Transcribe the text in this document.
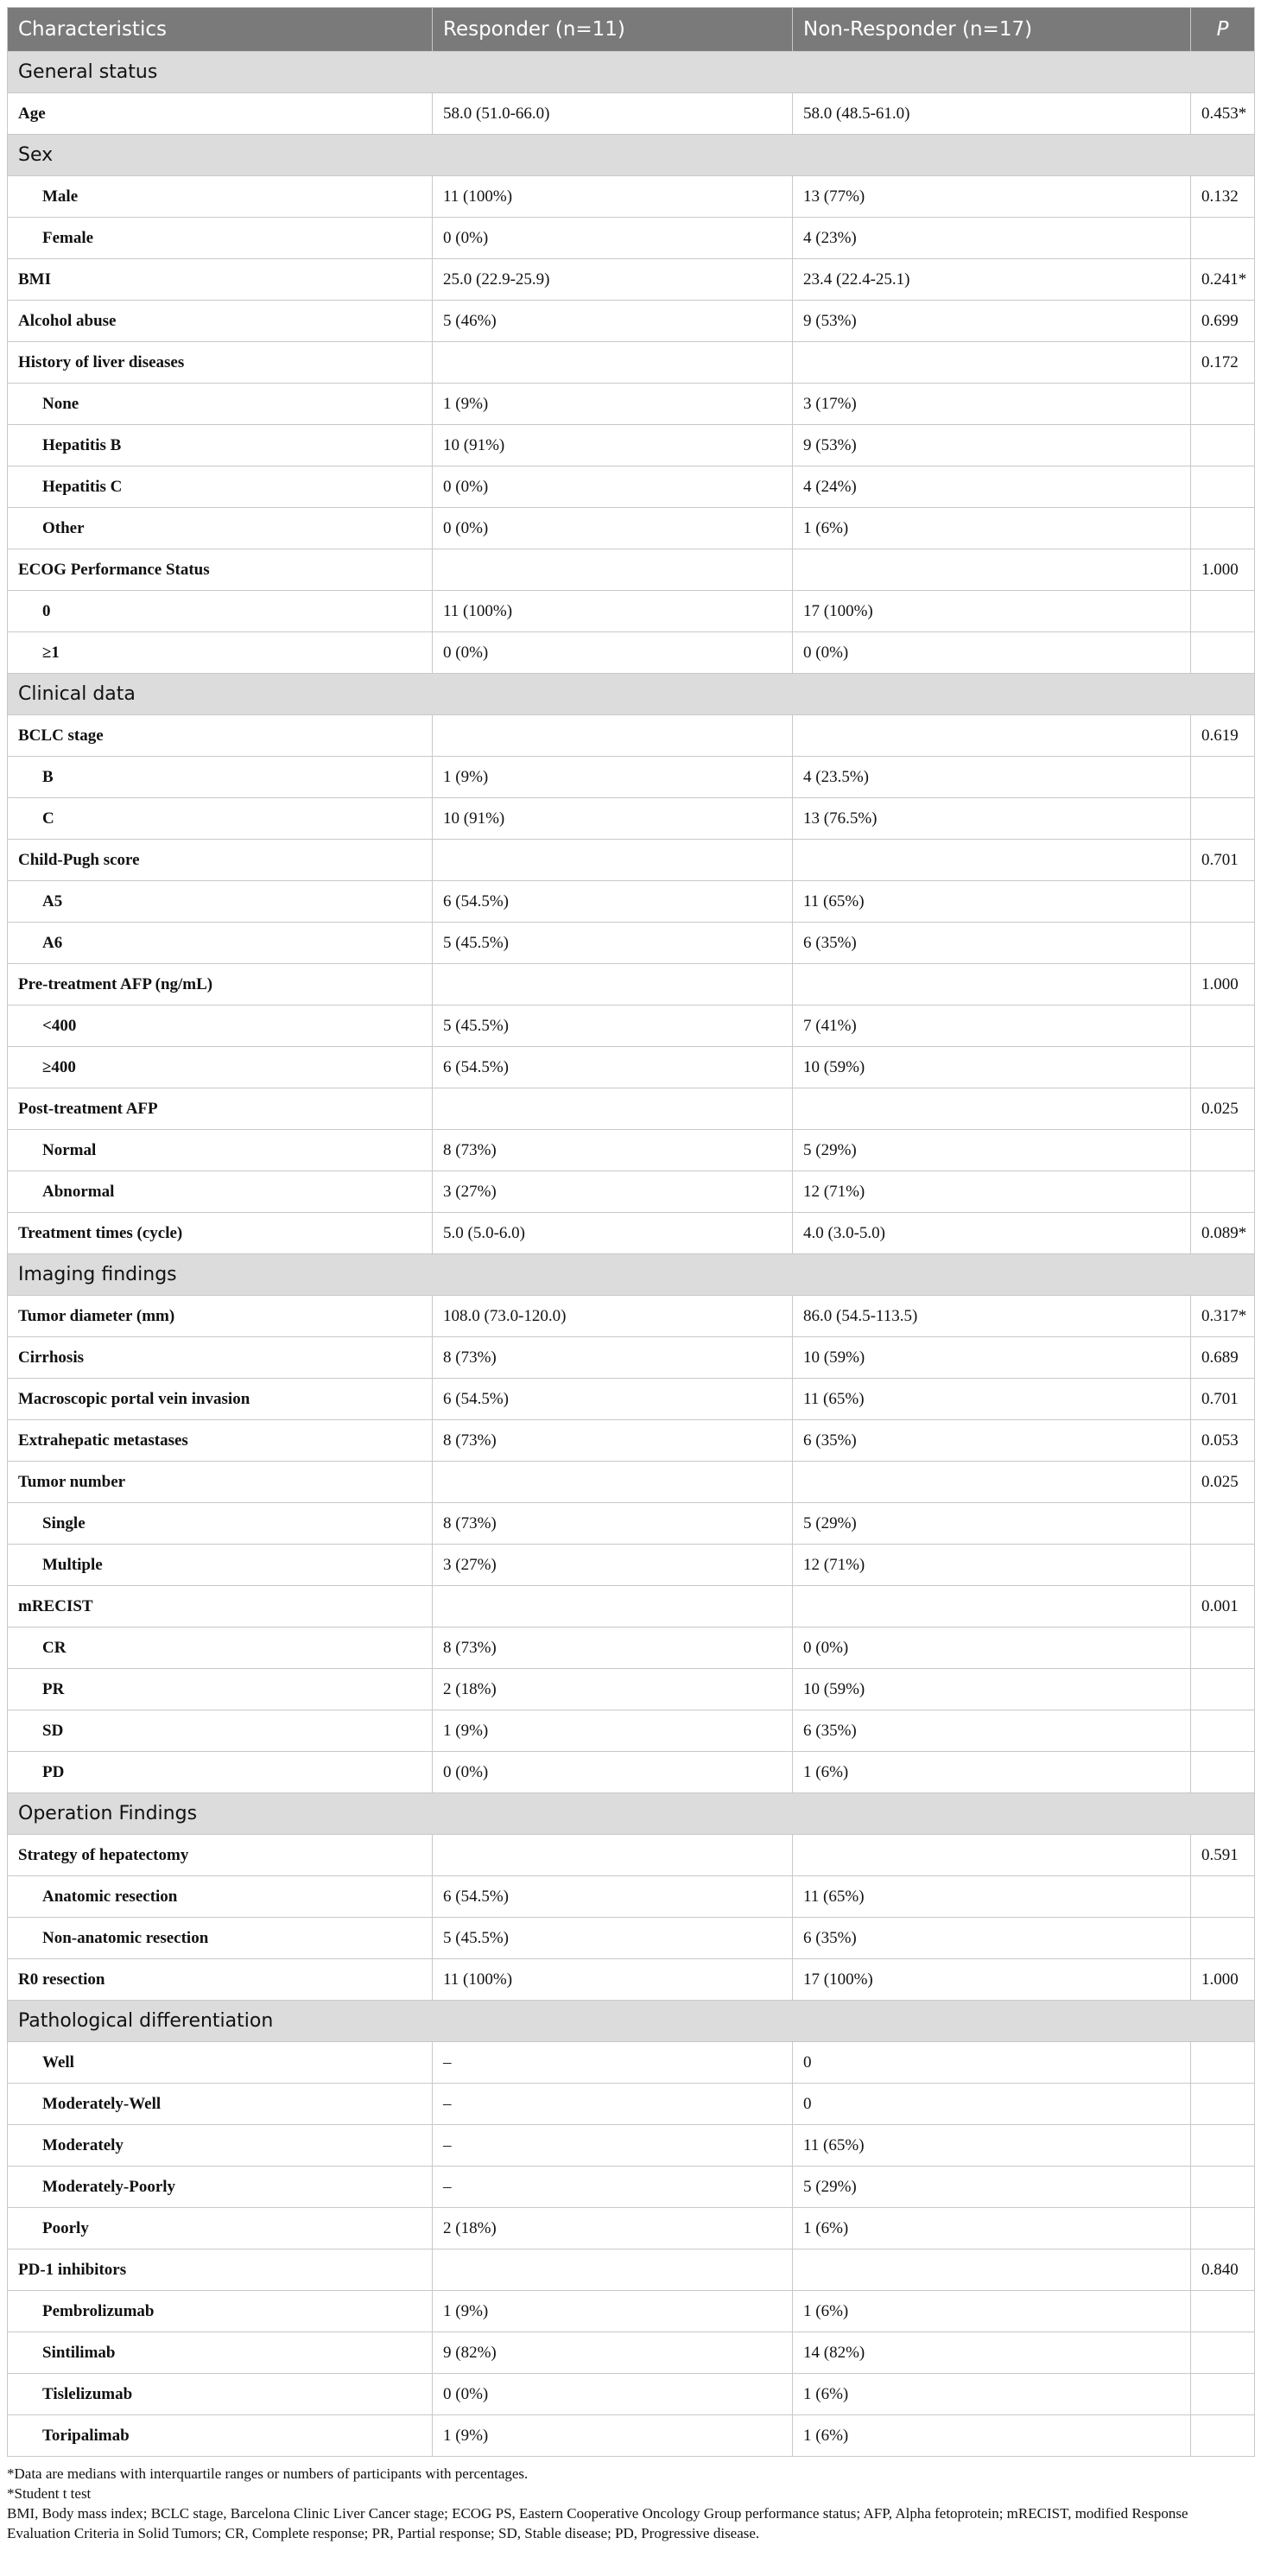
Characteristics	Responder (n=11)	Non-Responder (n=17)	P
General status			
Age	58.0 (51.0-66.0)	58.0 (48.5-61.0)	0.453*
Sex			
Male	11 (100%)	13 (77%)	0.132
Female	0 (0%)	4 (23%)	
BMI	25.0 (22.9-25.9)	23.4 (22.4-25.1)	0.241*
Alcohol abuse	5 (46%)	9 (53%)	0.699
History of liver diseases			0.172
None	1 (9%)	3 (17%)	
Hepatitis B	10 (91%)	9 (53%)	
Hepatitis C	0 (0%)	4 (24%)	
Other	0 (0%)	1 (6%)	
ECOG Performance Status			1.000
0	11 (100%)	17 (100%)	
≥1	0 (0%)	0 (0%)	
Clinical data			
BCLC stage			0.619
B	1 (9%)	4 (23.5%)	
C	10 (91%)	13 (76.5%)	
Child-Pugh score			0.701
A5	6 (54.5%)	11 (65%)	
A6	5 (45.5%)	6 (35%)	
Pre-treatment AFP (ng/mL)			1.000
<400	5 (45.5%)	7 (41%)	
≥400	6 (54.5%)	10 (59%)	
Post-treatment AFP			0.025
Normal	8 (73%)	5 (29%)	
Abnormal	3 (27%)	12 (71%)	
Treatment times (cycle)	5.0 (5.0-6.0)	4.0 (3.0-5.0)	0.089*
Imaging findings			
Tumor diameter (mm)	108.0 (73.0-120.0)	86.0 (54.5-113.5)	0.317*
Cirrhosis	8 (73%)	10 (59%)	0.689
Macroscopic portal vein invasion	6 (54.5%)	11 (65%)	0.701
Extrahepatic metastases	8 (73%)	6 (35%)	0.053
Tumor number			0.025
Single	8 (73%)	5 (29%)	
Multiple	3 (27%)	12 (71%)	
mRECIST			0.001
CR	8 (73%)	0 (0%)	
PR	2 (18%)	10 (59%)	
SD	1 (9%)	6 (35%)	
PD	0 (0%)	1 (6%)	
Operation Findings			
Strategy of hepatectomy			0.591
Anatomic resection	6 (54.5%)	11 (65%)	
Non-anatomic resection	5 (45.5%)	6 (35%)	
R0 resection	11 (100%)	17 (100%)	1.000
Pathological differentiation			
Well	–	0	
Moderately-Well	–	0	
Moderately	–	11 (65%)	
Moderately-Poorly	–	5 (29%)	
Poorly	2 (18%)	1 (6%)	
PD-1 inhibitors			0.840
Pembrolizumab	1 (9%)	1 (6%)	
Sintilimab	9 (82%)	14 (82%)	
Tislelizumab	0 (0%)	1 (6%)	
Toripalimab	1 (9%)	1 (6%)	
*Data are medians with interquartile ranges or numbers of participants with percentages.
*Student t test
BMI, Body mass index; BCLC stage, Barcelona Clinic Liver Cancer stage; ECOG PS, Eastern Cooperative Oncology Group performance status; AFP, Alpha fetoprotein; mRECIST, modified Response Evaluation Criteria in Solid Tumors; CR, Complete response; PR, Partial response; SD, Stable disease; PD, Progressive disease.
